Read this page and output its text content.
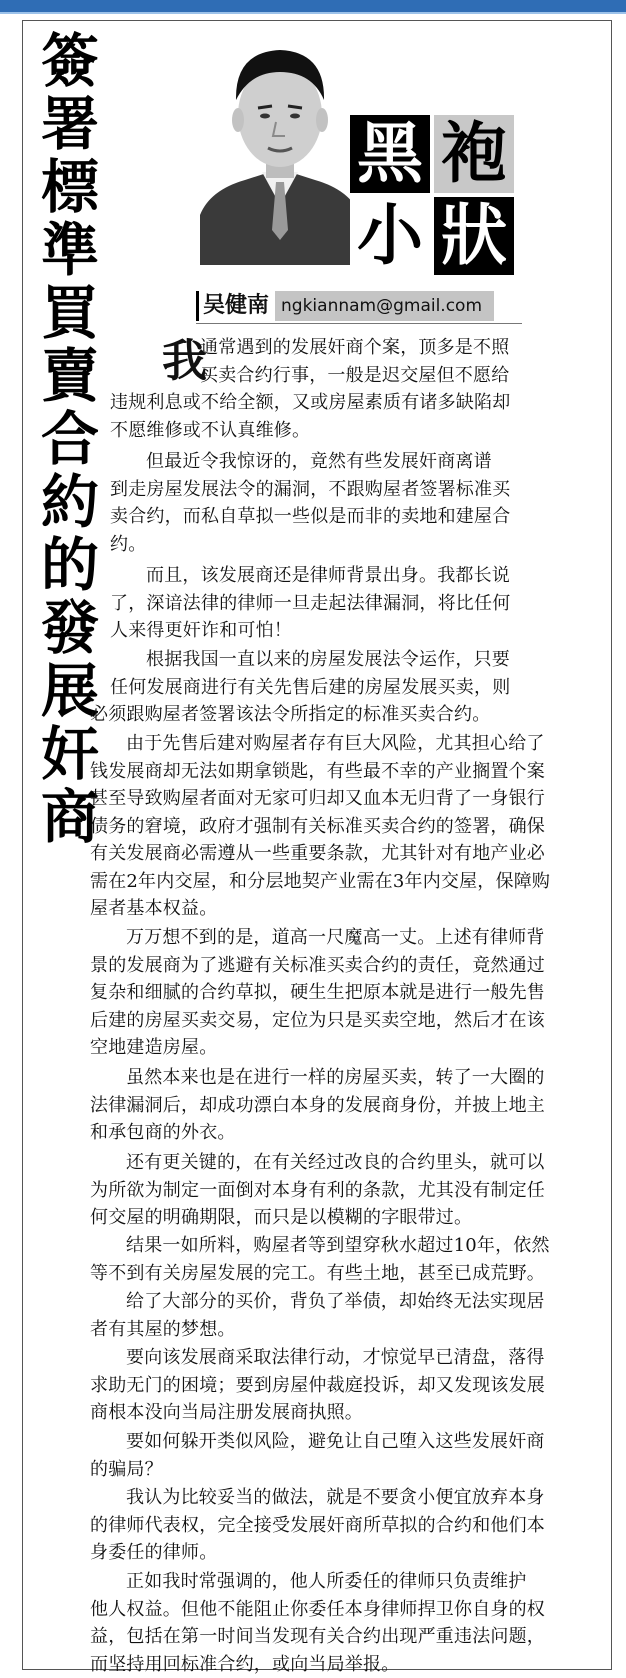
簽
署
標
準
買
賣
合
約
的
發
展
奸
商
黑 袍
小 狀
吴健南 ngkiannam@gmail.com
我

通常遇到的发展奸商个案，顶多是不照
买卖合约行事，一般是迟交屋但不愿给
违规利息或不给全额，又或房屋素质有诸多缺陷却
不愿维修或不认真维修。

但最近令我惊讶的，竟然有些发展奸商离谱
到走房屋发展法令的漏洞，不跟购屋者签署标准买
卖合约，而私自草拟一些似是而非的卖地和建屋合
约。

而且，该发展商还是律师背景出身。我都长说
了，深谙法律的律师一旦走起法律漏洞，将比任何
人来得更奸诈和可怕！

根据我国一直以来的房屋发展法令运作，只要
任何发展商进行有关先售后建的房屋发展买卖，则
必须跟购屋者签署该法令所指定的标准买卖合约。

由于先售后建对购屋者存有巨大风险，尤其担心给了
钱发展商却无法如期拿锁匙，有些最不幸的产业搁置个案
甚至导致购屋者面对无家可归却又血本无归背了一身银行
债务的窘境，政府才强制有关标准买卖合约的签署，确保
有关发展商必需遵从一些重要条款，尤其针对有地产业必
需在2年内交屋，和分层地契产业需在3年内交屋，保障购
屋者基本权益。

万万想不到的是，道高一尺魔高一丈。上述有律师背
景的发展商为了逃避有关标准买卖合约的责任，竟然通过
复杂和细腻的合约草拟，硬生生把原本就是进行一般先售
后建的房屋买卖交易，定位为只是买卖空地，然后才在该
空地建造房屋。

虽然本来也是在进行一样的房屋买卖，转了一大圈的
法律漏洞后，却成功漂白本身的发展商身份，并披上地主
和承包商的外衣。

还有更关键的，在有关经过改良的合约里头，就可以
为所欲为制定一面倒对本身有利的条款，尤其没有制定任
何交屋的明确期限，而只是以模糊的字眼带过。

结果一如所料，购屋者等到望穿秋水超过10年，依然
等不到有关房屋发展的完工。有些土地，甚至已成荒野。

给了大部分的买价，背负了举债，却始终无法实现居
者有其屋的梦想。

要向该发展商采取法律行动，才惊觉早已清盘，落得
求助无门的困境；要到房屋仲裁庭投诉，却又发现该发展
商根本没向当局注册发展商执照。

要如何躲开类似风险，避免让自己堕入这些发展奸商
的骗局？

我认为比较妥当的做法，就是不要贪小便宜放弃本身
的律师代表权，完全接受发展奸商所草拟的合约和他们本
身委任的律师。

正如我时常强调的，他人所委任的律师只负责维护
他人权益。但他不能阻止你委任本身律师捍卫你自身的权
益，包括在第一时间当发现有关合约出现严重违法问题，
而坚持用回标准合约，或向当局举报。
